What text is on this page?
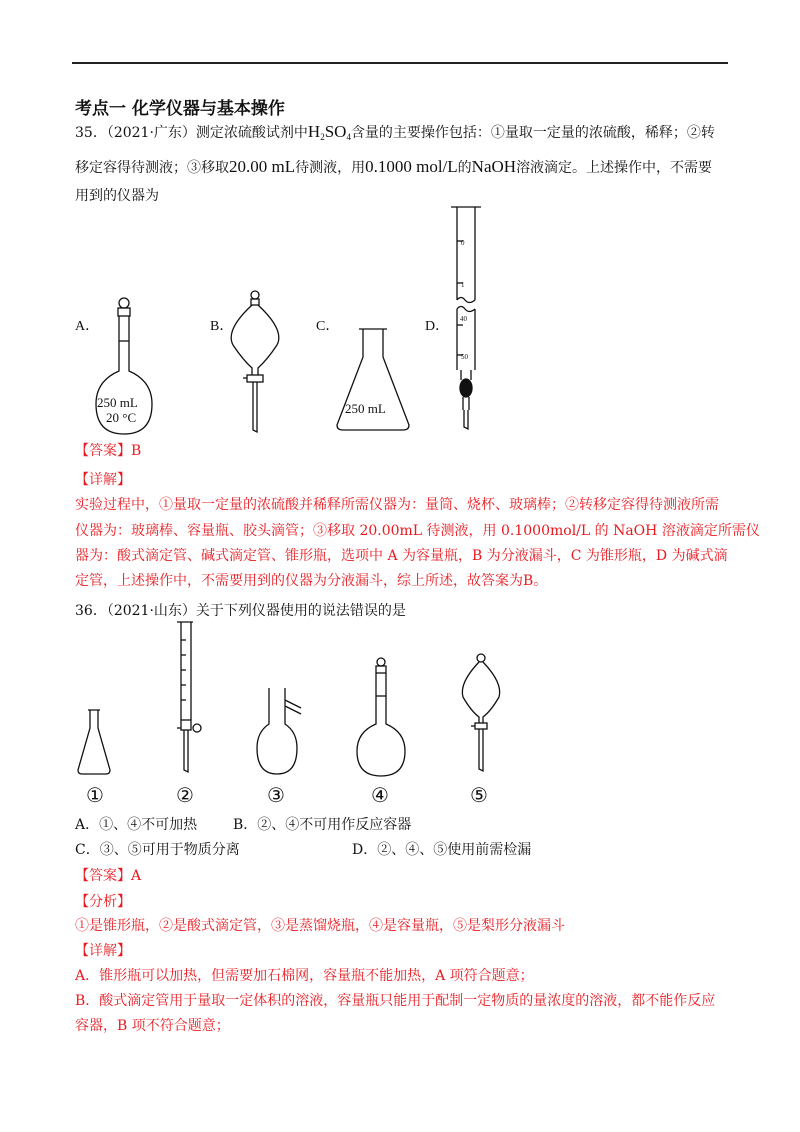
考点一 化学仪器与基本操作
35．（2021·广东）测定浓硫酸试剂中$H_2SO_4$含量的主要操作包括：①量取一定量的浓硫酸，稀释；②转
移定容得待测液；③移取20.00 mL待测液，用0.1000 mol/L的NaOH溶液滴定。上述操作中，不需要
用到的仪器为
A．	B．	C．	D．
250 mL
20 °C
250 mL
0
1
40
50
【答案】B
【详解】
实验过程中，①量取一定量的浓硫酸并稀释所需仪器为：量筒、烧杯、玻璃棒；②转移定容得待测液所需
仪器为：玻璃棒、容量瓶、胶头滴管；③移取 20.00mL 待测液，用 0.1000mol/L 的 NaOH 溶液滴定所需仪
器为：酸式滴定管、碱式滴定管、锥形瓶，选项中 A 为容量瓶，B 为分液漏斗，C 为锥形瓶，D 为碱式滴
定管，上述操作中，不需要用到的仪器为分液漏斗，综上所述，故答案为B。
36．（2021·山东）关于下列仪器使用的说法错误的是
①	②	③	④	⑤
A．①、④不可加热	B．②、④不可用作反应容器
C．③、⑤可用于物质分离	D．②、④、⑤使用前需检漏
【答案】A
【分析】
①是锥形瓶，②是酸式滴定管，③是蒸馏烧瓶，④是容量瓶，⑤是梨形分液漏斗
【详解】
A．锥形瓶可以加热，但需要加石棉网，容量瓶不能加热，A 项符合题意；
B．酸式滴定管用于量取一定体积的溶液，容量瓶只能用于配制一定物质的量浓度的溶液，都不能作反应
容器，B 项不符合题意；
